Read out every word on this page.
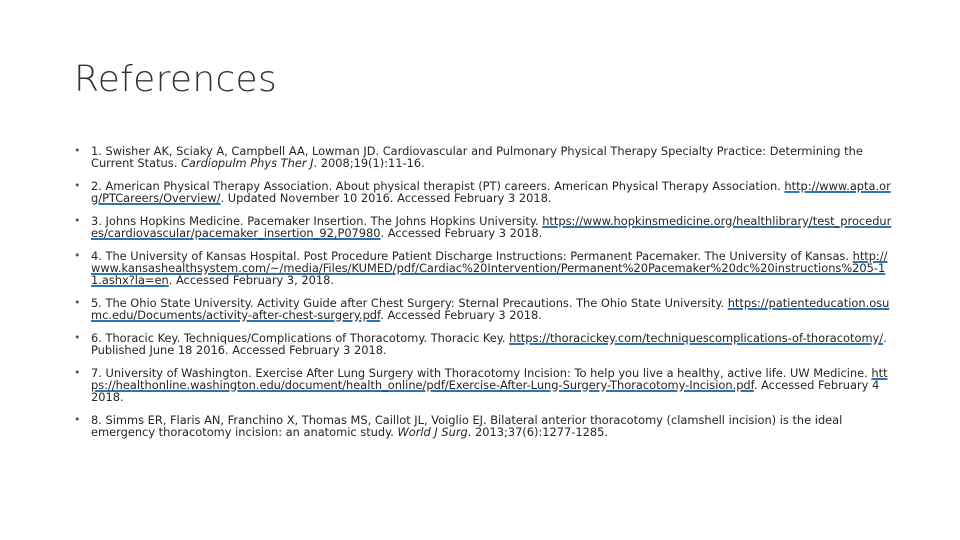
References
• 1. Swisher AK, Sciaky A, Campbell AA, Lowman JD. Cardiovascular and Pulmonary Physical Therapy Specialty Practice: Determining the Current Status. Cardiopulm Phys Ther J. 2008;19(1):11-16.
• 2. American Physical Therapy Association. About physical therapist (PT) careers. American Physical Therapy Association. http://www.apta.org/PTCareers/Overview/. Updated November 10 2016. Accessed February 3 2018.
• 3. Johns Hopkins Medicine. Pacemaker Insertion. The Johns Hopkins University. https://www.hopkinsmedicine.org/healthlibrary/test_procedures/cardiovascular/pacemaker_insertion_92,P07980. Accessed February 3 2018.
• 4. The University of Kansas Hospital. Post Procedure Patient Discharge Instructions: Permanent Pacemaker. The University of Kansas. http://www.kansashealthsystem.com/~/media/Files/KUMED/pdf/Cardiac%20Intervention/Permanent%20Pacemaker%20dc%20instructions%205-11.ashx?la=en. Accessed February 3, 2018.
• 5. The Ohio State University. Activity Guide after Chest Surgery: Sternal Precautions. The Ohio State University. https://patienteducation.osumc.edu/Documents/activity-after-chest-surgery.pdf. Accessed February 3 2018.
• 6. Thoracic Key. Techniques/Complications of Thoracotomy. Thoracic Key. https://thoracickey.com/techniquescomplications-of-thoracotomy/. Published June 18 2016. Accessed February 3 2018.
• 7. University of Washington. Exercise After Lung Surgery with Thoracotomy Incision: To help you live a healthy, active life. UW Medicine. https://healthonline.washington.edu/document/health_online/pdf/Exercise-After-Lung-Surgery-Thoracotomy-Incision.pdf. Accessed February 4 2018.
• 8. Simms ER, Flaris AN, Franchino X, Thomas MS, Caillot JL, Voiglio EJ. Bilateral anterior thoracotomy (clamshell incision) is the ideal emergency thoracotomy incision: an anatomic study. World J Surg. 2013;37(6):1277-1285.
